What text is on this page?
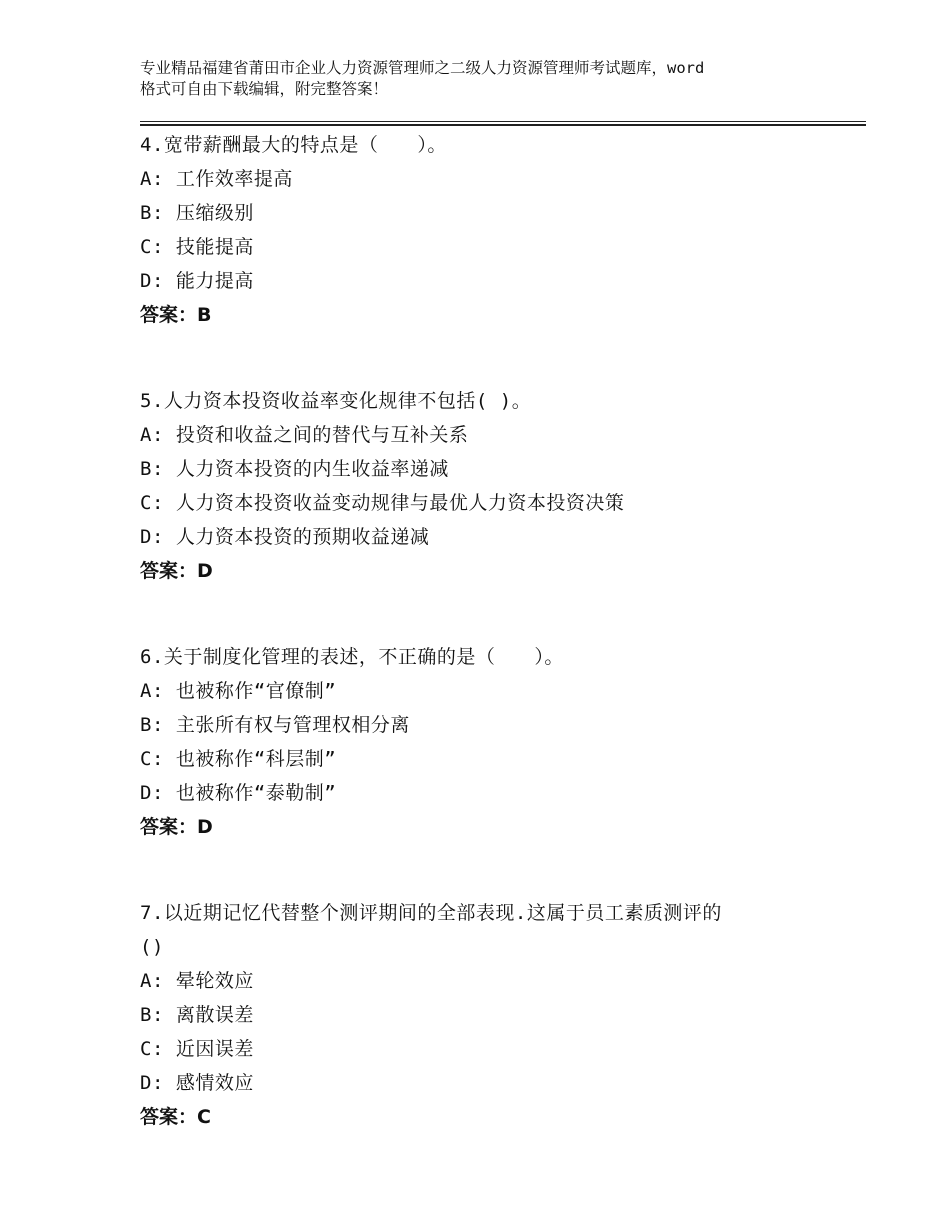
专业精品福建省莆田市企业人力资源管理师之二级人力资源管理师考试题库，word
格式可自由下载编辑，附完整答案！
4.宽带薪酬最大的特点是（　　）。
A: 工作效率提高
B: 压缩级别
C: 技能提高
D: 能力提高
答案：B
5.人力资本投资收益率变化规律不包括( )。
A: 投资和收益之间的替代与互补关系
B: 人力资本投资的内生收益率递减
C: 人力资本投资收益变动规律与最优人力资本投资决策
D: 人力资本投资的预期收益递减
答案：D
6.关于制度化管理的表述，不正确的是（　　）。
A: 也被称作“官僚制”
B: 主张所有权与管理权相分离
C: 也被称作“科层制”
D: 也被称作“泰勒制”
答案：D
7.以近期记忆代替整个测评期间的全部表现.这属于员工素质测评的
()
A: 晕轮效应
B: 离散误差
C: 近因误差
D: 感情效应
答案：C
